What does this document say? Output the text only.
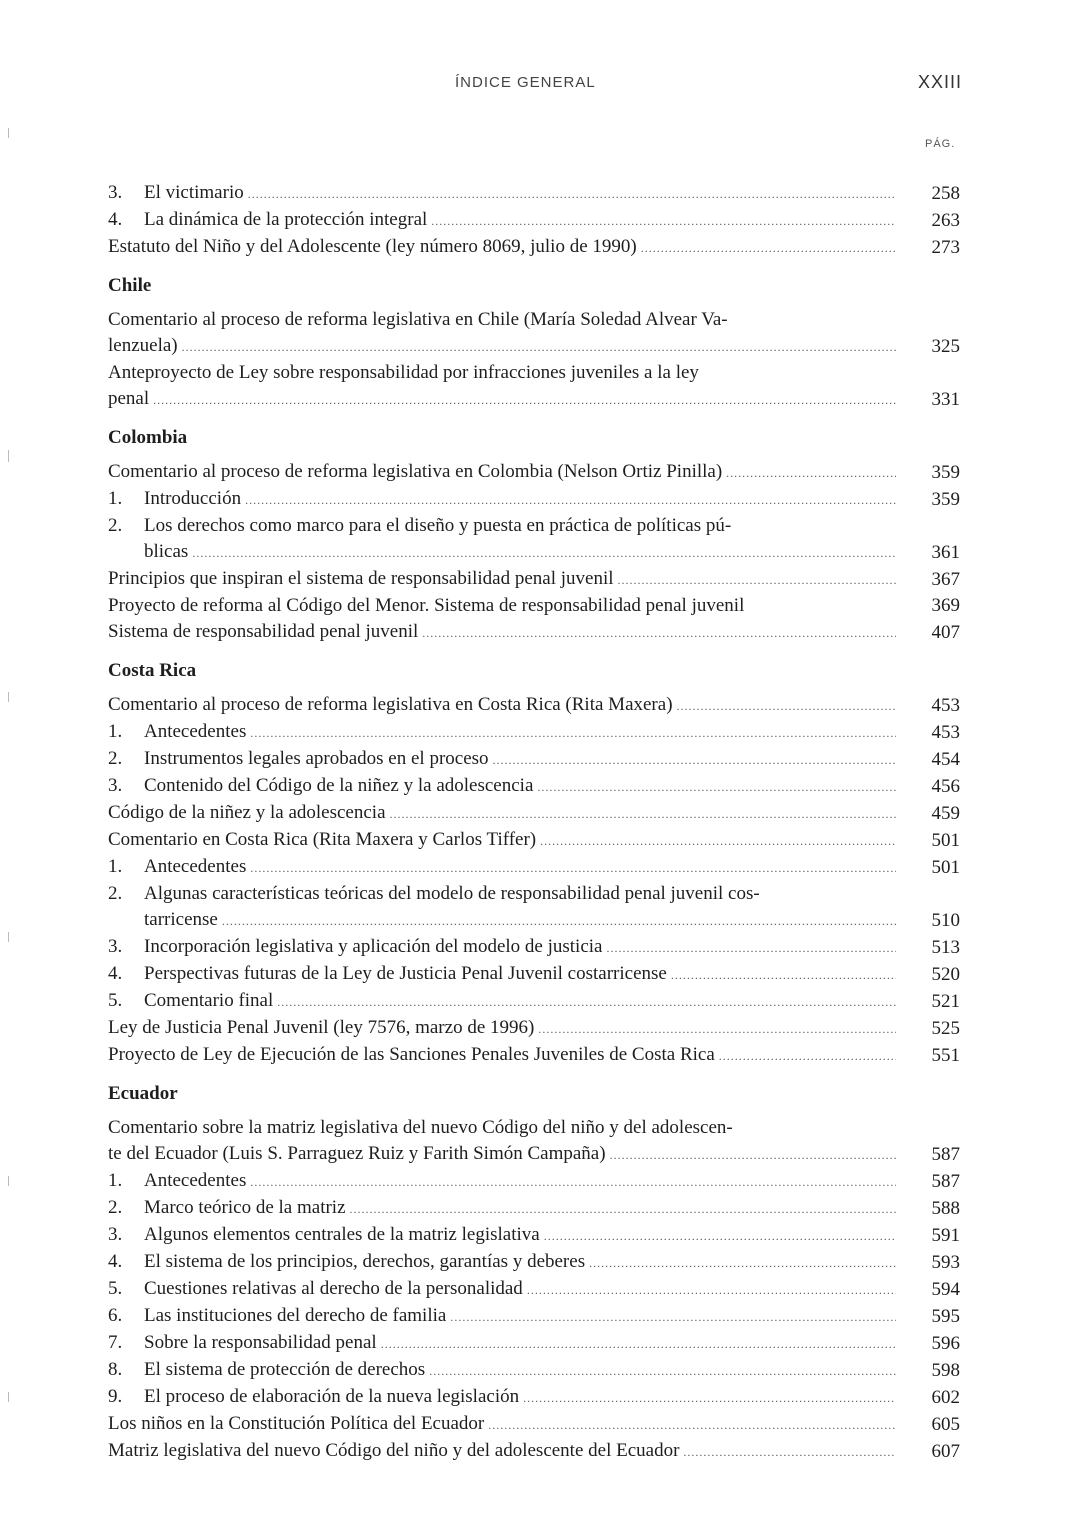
ÍNDICE GENERAL	XXIII
PÁG.
3. El victimario .....	258
4. La dinámica de la protección integral .....	263
Estatuto del Niño y del Adolescente (ley número 8069, julio de 1990) .....	273
Chile
Comentario al proceso de reforma legislativa en Chile (María Soledad Alvear Va-
lenzuela) .....	325
Anteproyecto de Ley sobre responsabilidad por infracciones juveniles a la ley
penal .....	331
Colombia
Comentario al proceso de reforma legislativa en Colombia (Nelson Ortiz Pinilla) .....	359
1. Introducción .....	359
2. Los derechos como marco para el diseño y puesta en práctica de políticas pú-
blicas .....	361
Principios que inspiran el sistema de responsabilidad penal juvenil .....	367
Proyecto de reforma al Código del Menor. Sistema de responsabilidad penal juvenil	369
Sistema de responsabilidad penal juvenil .....	407
Costa Rica
Comentario al proceso de reforma legislativa en Costa Rica (Rita Maxera) .....	453
1. Antecedentes .....	453
2. Instrumentos legales aprobados en el proceso .....	454
3. Contenido del Código de la niñez y la adolescencia .....	456
Código de la niñez y la adolescencia .....	459
Comentario en Costa Rica (Rita Maxera y Carlos Tiffer) .....	501
1. Antecedentes .....	501
2. Algunas características teóricas del modelo de responsabilidad penal juvenil cos-
tarricense .....	510
3. Incorporación legislativa y aplicación del modelo de justicia .....	513
4. Perspectivas futuras de la Ley de Justicia Penal Juvenil costarricense .....	520
5. Comentario final .....	521
Ley de Justicia Penal Juvenil (ley 7576, marzo de 1996) .....	525
Proyecto de Ley de Ejecución de las Sanciones Penales Juveniles de Costa Rica .....	551
Ecuador
Comentario sobre la matriz legislativa del nuevo Código del niño y del adolescen-
te del Ecuador (Luis S. Parraguez Ruiz y Farith Simón Campaña) .....	587
1. Antecedentes .....	587
2. Marco teórico de la matriz .....	588
3. Algunos elementos centrales de la matriz legislativa .....	591
4. El sistema de los principios, derechos, garantías y deberes .....	593
5. Cuestiones relativas al derecho de la personalidad .....	594
6. Las instituciones del derecho de familia .....	595
7. Sobre la responsabilidad penal .....	596
8. El sistema de protección de derechos .....	598
9. El proceso de elaboración de la nueva legislación .....	602
Los niños en la Constitución Política del Ecuador .....	605
Matriz legislativa del nuevo Código del niño y del adolescente del Ecuador .....	607
